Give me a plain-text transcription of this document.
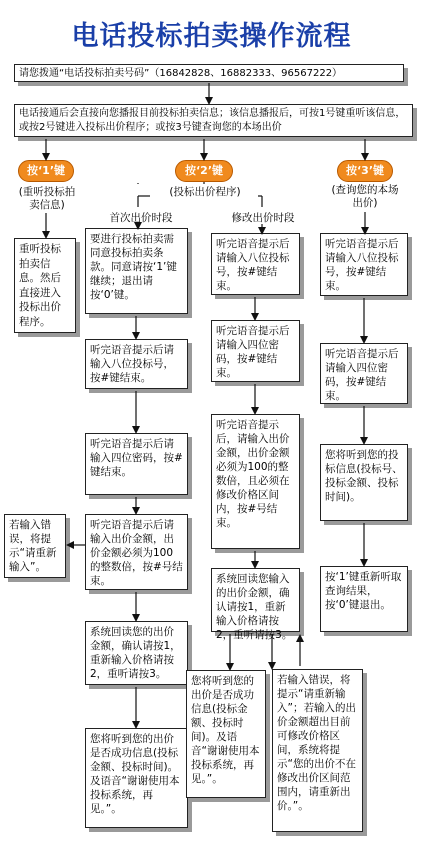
电话投标拍卖操作流程
请您拨通“电话投标拍卖号码”（16842828、16882333、96567222）
电话接通后会直接向您播报目前投标拍卖信息；该信息播报后，可按1号键重听该信息，或按2号键进入投标出价程序；或按3号键查询您的本场出价
按‘1’键	按‘2’键	按‘3’键
(重听投标拍卖信息)
(投标出价程序)	(查询您的本场出价)
首次出价时段	修改出价时段
重听投标拍卖信息。然后直接进入投标出价程序。
若输入错误，将提示“请重新输入”。
要进行投标拍卖需同意投标拍卖条款。同意请按‘1’键继续；退出请按‘0’键。
听完语音提示后请输入八位投标号，按#键结束。
听完语音提示后请输入四位密码，按#键结束。
听完语音提示后请输入出价金额，出价金额必须为100的整数倍，按#号结束。
系统回读您的出价金额，确认请按1，重新输入价格请按2，重听请按3。
您将听到您的出价是否成功信息(投标金额、投标时间)。及语音“谢谢使用本投标系统，再见。”。
听完语音提示后请输入八位投标号，按#键结束。
听完语音提示后请输入四位密码，按#键结束。
听完语音提示后，请输入出价金额，出价金额必须为100的整数倍，且必须在修改价格区间内，按#号结束。
系统回读您输入的出价金额，确认请按1，重新输入价格请按2，重听请按3。
您将听到您的出价是否成功信息(投标金额、投标时间)。及语音“谢谢使用本投标系统，再见。”。
若输入错误，将提示“请重新输入”；若输入的出价金额超出目前可修改价格区间，系统将提示“您的出价不在修改出价区间范围内，请重新出价。”。
听完语音提示后请输入八位投标号，按#键结束。
听完语音提示后请输入四位密码，按#键结束。
您将听到您的投标信息(投标号、投标金额、投标时间)。
按‘1’键重新听取查询结果，按‘0’键退出。
